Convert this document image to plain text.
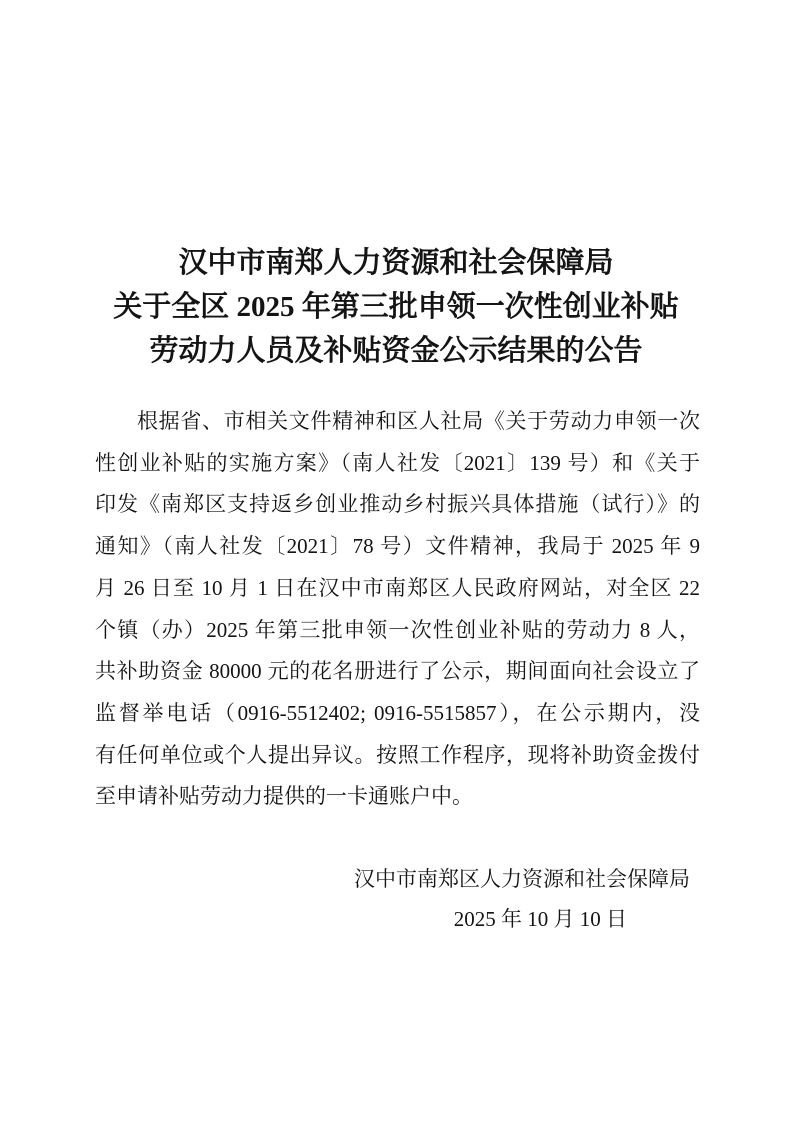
汉中市南郑人力资源和社会保障局
关于全区 2025 年第三批申领一次性创业补贴
劳动力人员及补贴资金公示结果的公告
根据省、市相关文件精神和区人社局《关于劳动力申领一次
性创业补贴的实施方案》（南人社发〔2021〕139 号）和《关于
印发《南郑区支持返乡创业推动乡村振兴具体措施（试行）》的
通知》（南人社发〔2021〕78 号）文件精神，我局于 2025 年 9
月 26 日至 10 月 1 日在汉中市南郑区人民政府网站，对全区 22
个镇（办）2025 年第三批申领一次性创业补贴的劳动力 8 人，
共补助资金 80000 元的花名册进行了公示，期间面向社会设立了
监督举电话（0916-5512402; 0916-5515857），在公示期内，没
有任何单位或个人提出异议。按照工作程序，现将补助资金拨付
至申请补贴劳动力提供的一卡通账户中。
汉中市南郑区人力资源和社会保障局
2025 年 10 月 10 日
